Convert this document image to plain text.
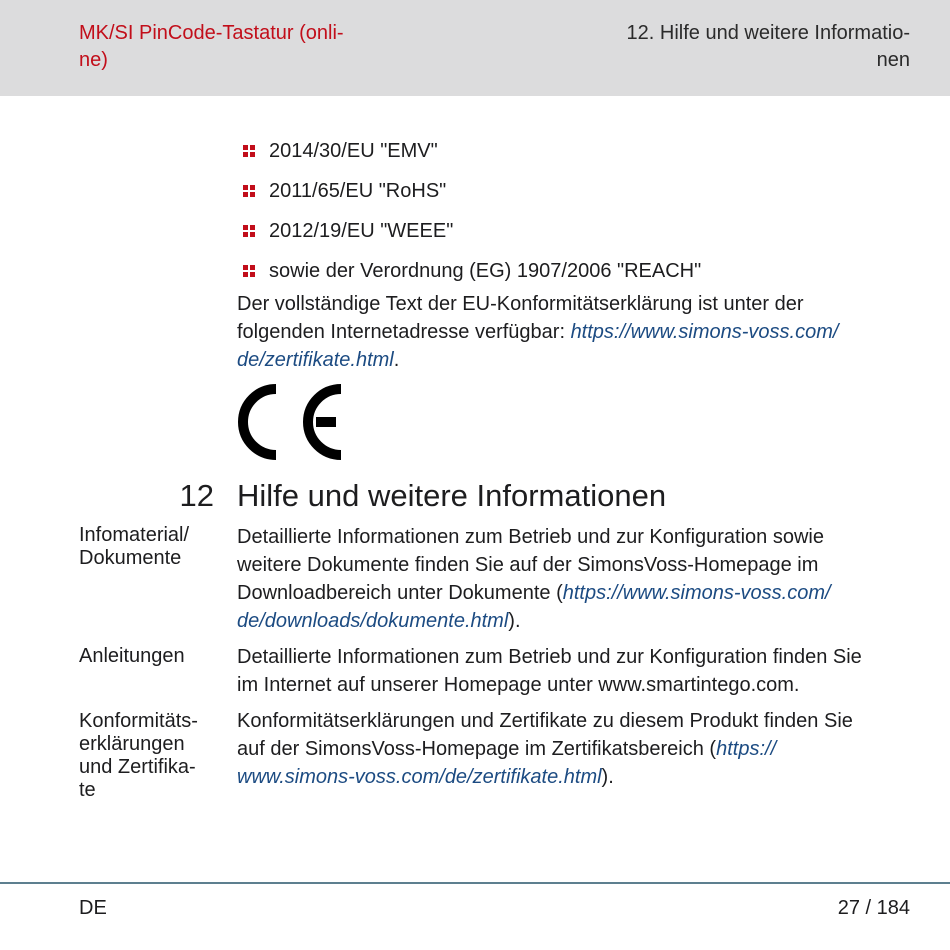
MK/SI PinCode-Tastatur (onli-
ne)
12. Hilfe und weitere Informatio-
nen
2014/30/EU "EMV"
2011/65/EU "RoHS"
2012/19/EU "WEEE"
sowie der Verordnung (EG) 1907/2006 "REACH"
Der vollständige Text der EU-Konformitätserklärung ist unter der
folgenden Internetadresse verfügbar: https://www.simons-voss.com/
de/zertifikate.html.
12 Hilfe und weitere Informationen
Infomaterial/
Dokumente
Detaillierte Informationen zum Betrieb und zur Konfiguration sowie
weitere Dokumente finden Sie auf der SimonsVoss-Homepage im
Downloadbereich unter Dokumente (https://www.simons-voss.com/
de/downloads/dokumente.html).
Anleitungen	Detaillierte Informationen zum Betrieb und zur Konfiguration finden Sie
im Internet auf unserer Homepage unter www.smartintego.com.
Konformitäts-
erklärungen
und Zertifika-
te
Konformitätserklärungen und Zertifikate zu diesem Produkt finden Sie
auf der SimonsVoss-Homepage im Zertifikatsbereich (https://
www.simons-voss.com/de/zertifikate.html).
DE	27 / 184
